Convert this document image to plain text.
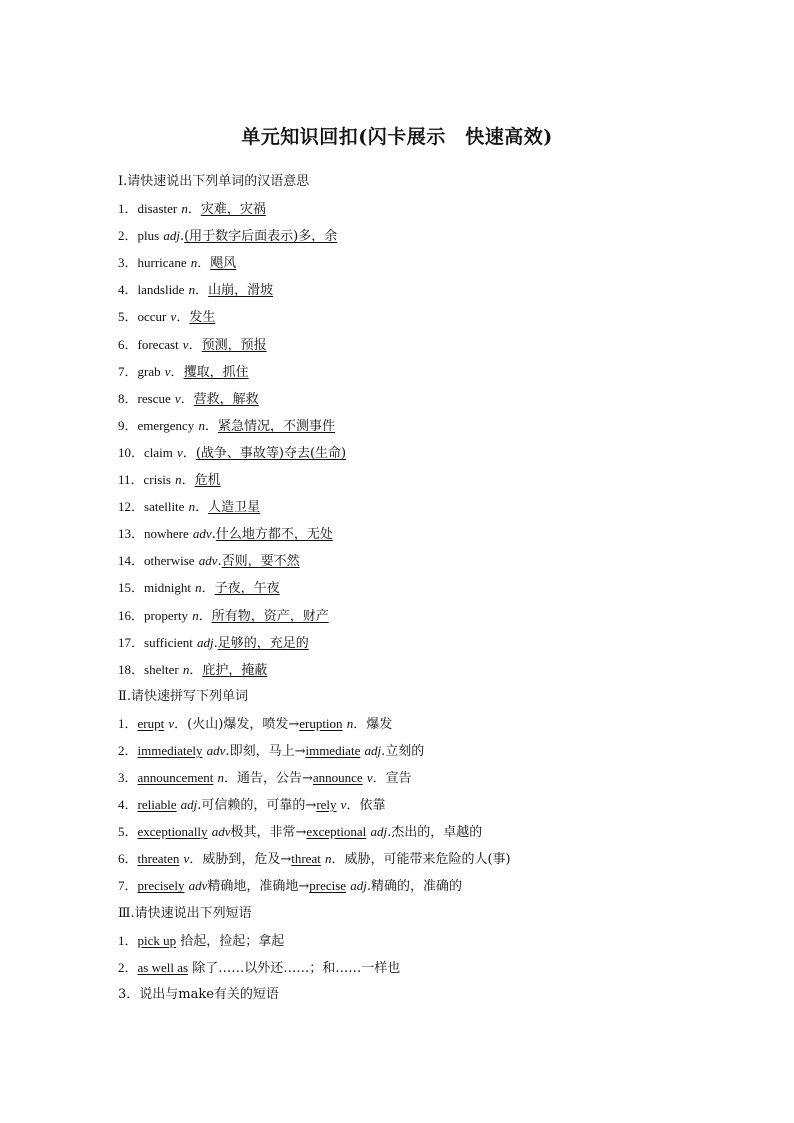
单元知识回扣(闪卡展示　快速高效)
Ⅰ.请快速说出下列单词的汉语意思
1．disaster n．灾难，灾祸
2．plus adj.(用于数字后面表示)多，余
3．hurricane n．飓风
4．landslide n．山崩，滑坡
5．occur v．发生
6．forecast v．预测，预报
7．grab v．攫取，抓住
8．rescue v．营救，解救
9．emergency n．紧急情况，不测事件
10．claim v．(战争、事故等)夺去(生命)
11．crisis n．危机
12．satellite n．人造卫星
13．nowhere adv.什么地方都不，无处
14．otherwise adv.否则，要不然
15．midnight n．子夜，午夜
16．property n．所有物，资产，财产
17．sufficient adj.足够的，充足的
18．shelter n．庇护，掩蔽
Ⅱ.请快速拼写下列单词
1．erupt v．(火山)爆发，喷发→eruption n．爆发
2．immediately adv.即刻，马上→immediate adj.立刻的
3．announcement n．通告，公告→announce v．宣告
4．reliable adj.可信赖的，可靠的→rely v．依靠
5．exceptionally adv极其，非常→exceptional adj.杰出的，卓越的
6．threaten v．威胁到，危及→threat n．威胁，可能带来危险的人(事)
7．precisely adv精确地，准确地→precise adj.精确的，准确的
Ⅲ.请快速说出下列短语
1．pick up 拾起，捡起；拿起
2．as well as 除了……以外还……；和……一样也
3．说出与make有关的短语
